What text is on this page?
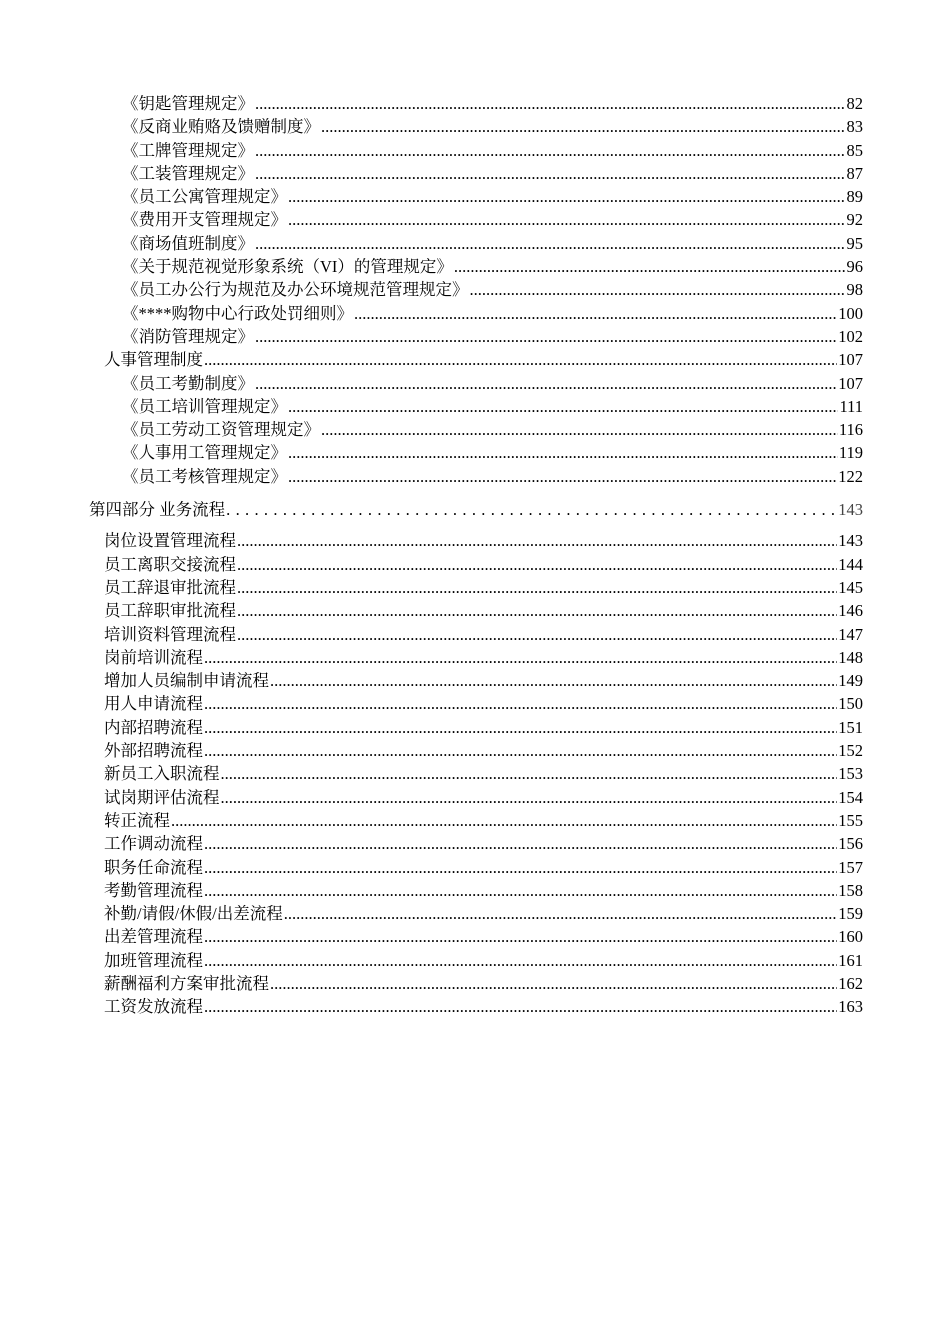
《钥匙管理规定》 .....	82
《反商业贿赂及馈赠制度》 .....	83
《工牌管理规定》 .....	85
《工装管理规定》 .....	87
《员工公寓管理规定》 .....	89
《费用开支管理规定》 .....	92
《商场值班制度》 .....	95
《关于规范视觉形象系统（VI）的管理规定》 .....	96
《员工办公行为规范及办公环境规范管理规定》 .....	98
《****购物中心行政处罚细则》 .....	100
《消防管理规定》 .....	102
人事管理制度 .....	107
《员工考勤制度》 .....	107
《员工培训管理规定》 .....	111
《员工劳动工资管理规定》 .....	116
《人事用工管理规定》 .....	119
《员工考核管理规定》 .....	122
第四部分 业务流程 . . .	143
岗位设置管理流程 .....	143
员工离职交接流程 .....	144
员工辞退审批流程 .....	145
员工辞职审批流程 .....	146
培训资料管理流程 .....	147
岗前培训流程 .....	148
增加人员编制申请流程 .....	149
用人申请流程 .....	150
内部招聘流程 .....	151
外部招聘流程 .....	152
新员工入职流程 .....	153
试岗期评估流程 .....	154
转正流程 .....	155
工作调动流程 .....	156
职务任命流程 .....	157
考勤管理流程 .....	158
补勤/请假/休假/出差流程 .....	159
出差管理流程 .....	160
加班管理流程 .....	161
薪酬福利方案审批流程 .....	162
工资发放流程 .....	163
